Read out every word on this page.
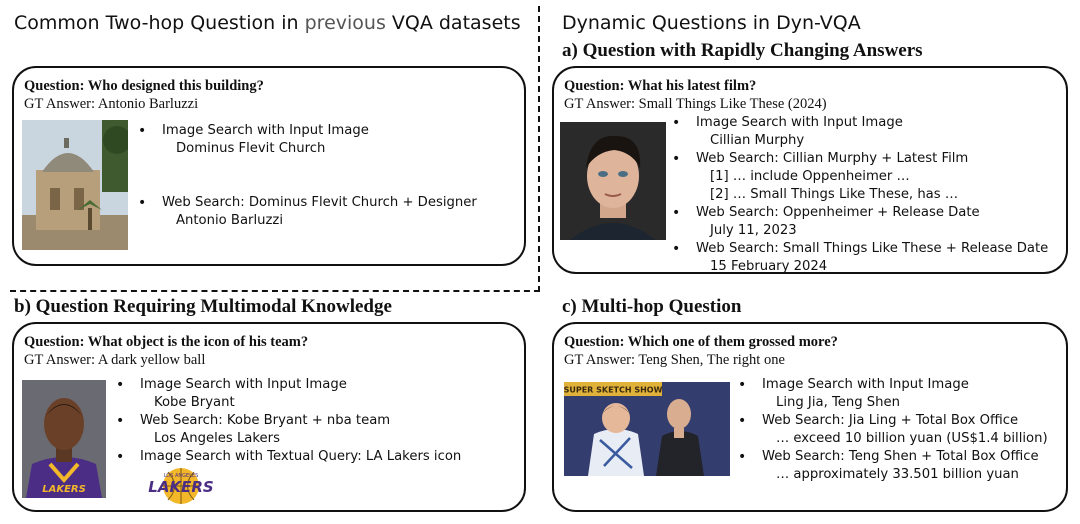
Common Two-hop Question in previous VQA datasets Dynamic Questions in Dyn-VQA
a) Question with Rapidly Changing Answers
b) Question Requiring Multimodal Knowledge	c) Multi-hop Question
Question: Who designed this building?
GT Answer: Antonio Barluzzi
• Image Search with Input Image
Dominus Flevit Church
• Web Search: Dominus Flevit Church + Designer
Antonio Barluzzi
Question: What his latest film?
GT Answer: Small Things Like These (2024)
• Image Search with Input Image
Cillian Murphy
• Web Search: Cillian Murphy + Latest Film
[1] … include Oppenheimer …
[2] … Small Things Like These, has …
• Web Search: Oppenheimer + Release Date
July 11, 2023
• Web Search: Small Things Like These + Release Date
15 February 2024
Question: What object is the icon of his team?
GT Answer: A dark yellow ball
LAKERS
• Image Search with Input Image
Kobe Bryant
• Web Search: Kobe Bryant + nba team
Los Angeles Lakers
• Image Search with Textual Query: LA Lakers icon
LOS ANGELES
LAKERS
Question: Which one of them grossed more?
GT Answer: Teng Shen, The right one
SUPER SKETCH SHOW
•	Image Search with Input Image
Ling Jia, Teng Shen
• Web Search: Jia Ling + Total Box Office
… exceed 10 billion yuan (US$1.4 billion)
• Web Search: Teng Shen + Total Box Office
… approximately 33.501 billion yuan
